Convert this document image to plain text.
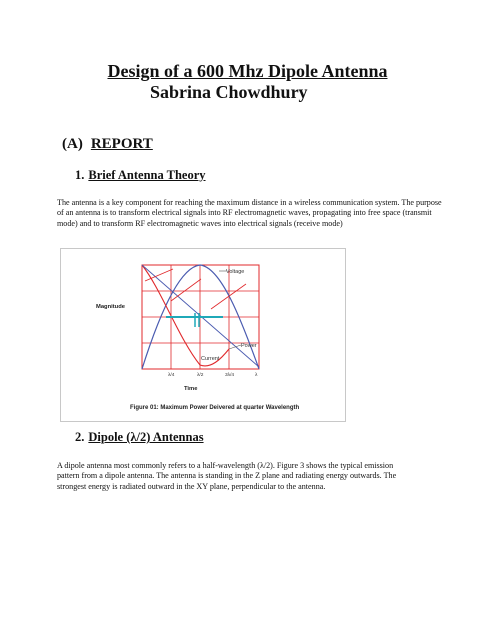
Design of a 600 Mhz Dipole Antenna
Sabrina Chowdhury
(A) REPORT
1. Brief Antenna Theory
The antenna is a key component for reaching the maximum distance in a wireless communication system. The purpose of an antenna is to transform electrical signals into RF electromagnetic waves, propagating into free space (transmit mode) and to transform RF electromagnetic waves into electrical signals (receive mode)
Voltage
Power
Current
Magnitude
λ/4	λ/2	3λ/4	λ
Time
Figure 01: Maximum Power Deivered at quarter Wavelength
2. Dipole (λ/2) Antennas
A dipole antenna most commonly refers to a half-wavelength (λ/2). Figure 3 shows the typical emission pattern from a dipole antenna. The antenna is standing in the Z plane and radiating energy outwards. The strongest energy is radiated outward in the XY plane, perpendicular to the antenna.
